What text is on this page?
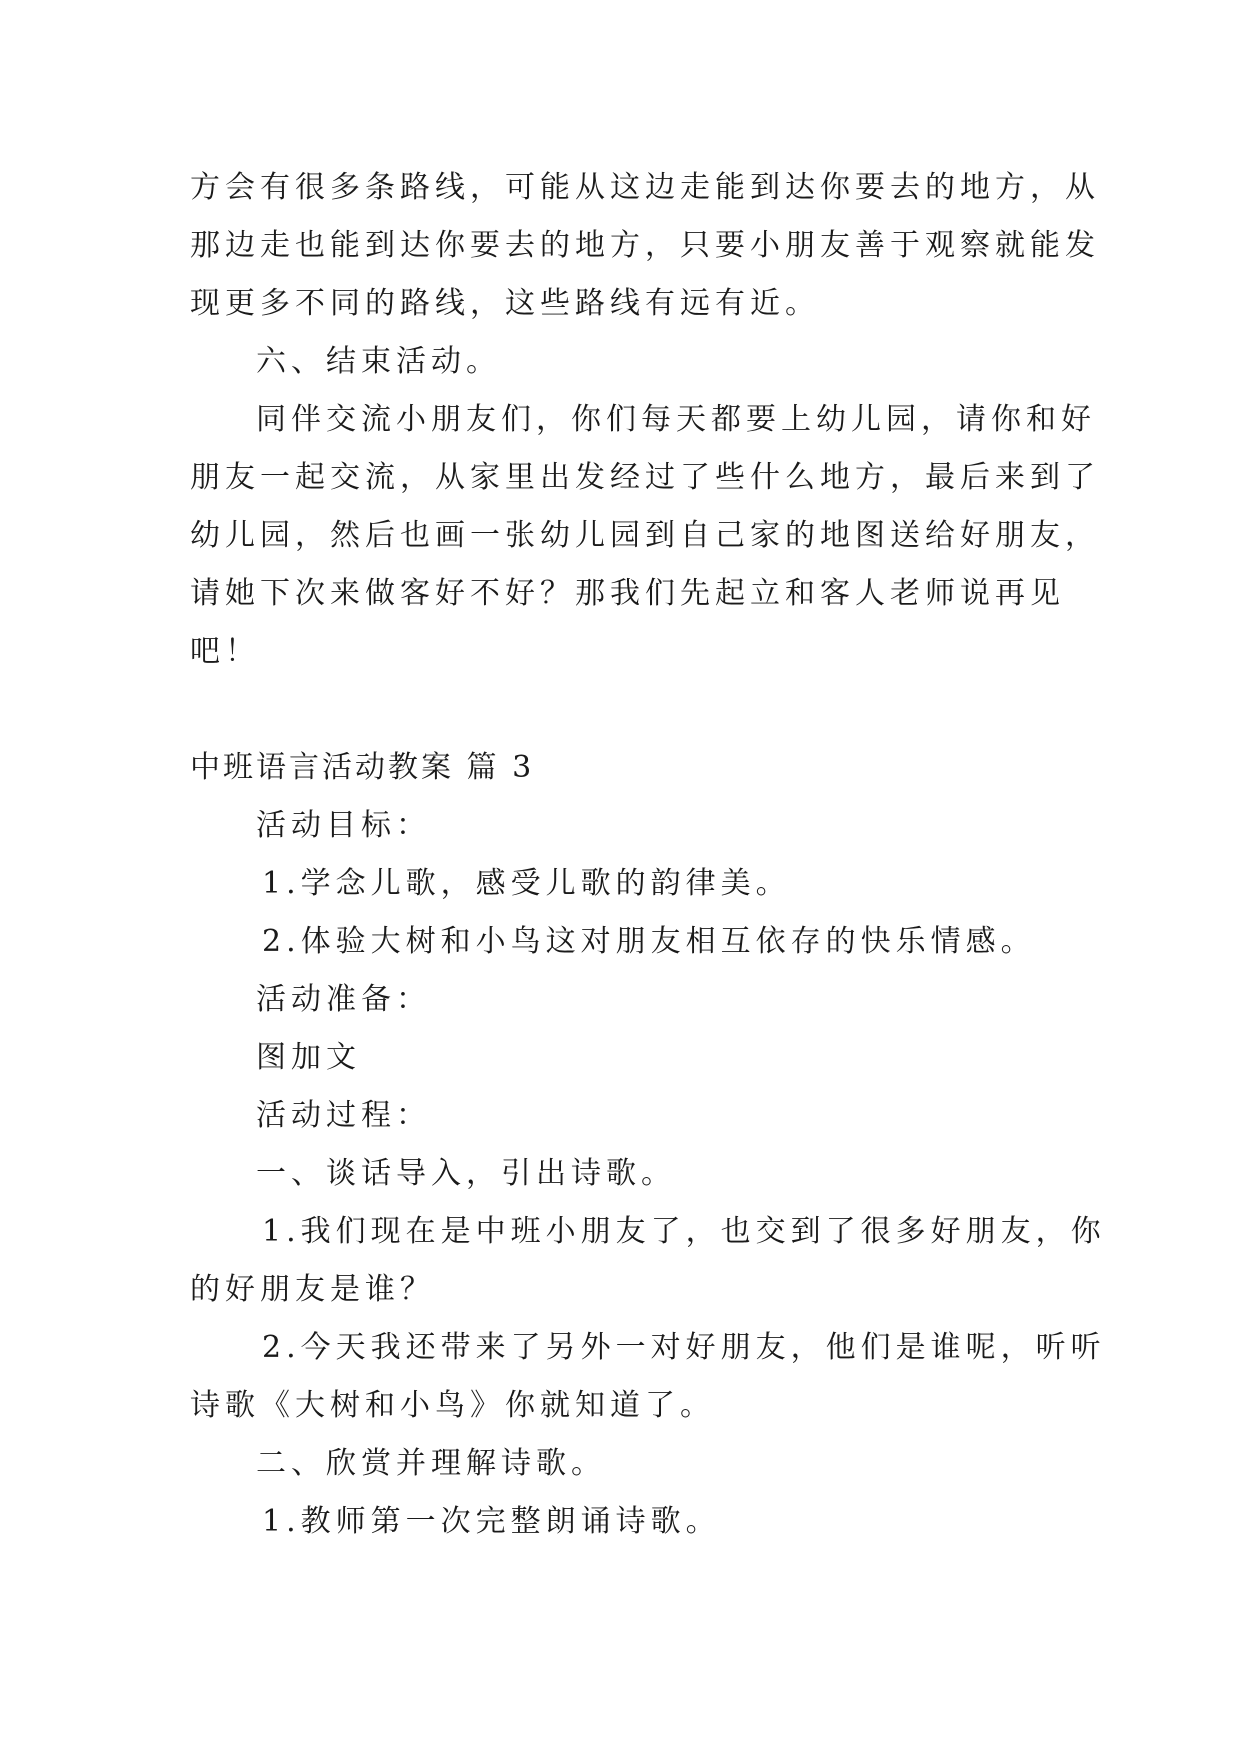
方会有很多条路线，可能从这边走能到达你要去的地方，从
那边走也能到达你要去的地方，只要小朋友善于观察就能发
现更多不同的路线，这些路线有远有近。
六、结束活动。
同伴交流小朋友们，你们每天都要上幼儿园，请你和好
朋友一起交流，从家里出发经过了些什么地方，最后来到了
幼儿园，然后也画一张幼儿园到自己家的地图送给好朋友，
请她下次来做客好不好？那我们先起立和客人老师说再见
吧！
中班语言活动教案 篇 3
活动目标：
1.学念儿歌，感受儿歌的韵律美。
2.体验大树和小鸟这对朋友相互依存的快乐情感。
活动准备：
图加文
活动过程：
一、谈话导入，引出诗歌。
1.我们现在是中班小朋友了，也交到了很多好朋友，你
的好朋友是谁？
2.今天我还带来了另外一对好朋友，他们是谁呢，听听
诗歌《大树和小鸟》你就知道了。
二、欣赏并理解诗歌。
1.教师第一次完整朗诵诗歌。
